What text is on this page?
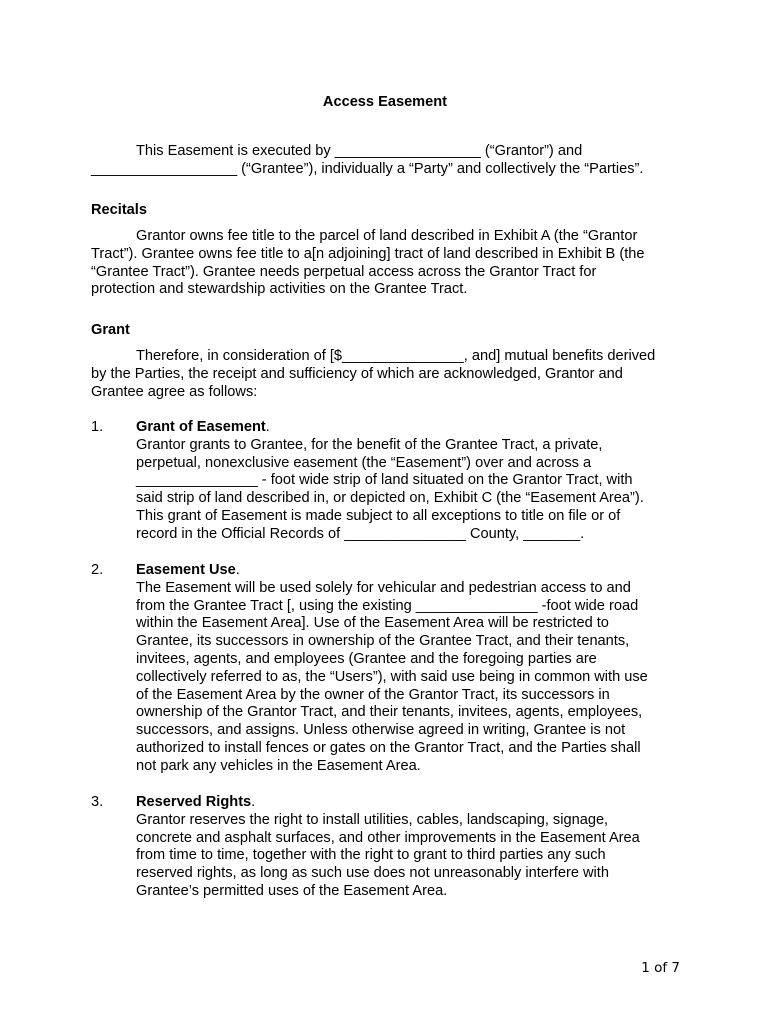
Access Easement

This Easement is executed by __________________ (“Grantor”) and

__________________ (“Grantee”), individually a “Party” and collectively the “Parties”.

Recitals

Grantor owns fee title to the parcel of land described in Exhibit A (the “Grantor

Tract”). Grantee owns fee title to a[n adjoining] tract of land described in Exhibit B (the

“Grantee Tract”). Grantee needs perpetual access across the Grantor Tract for

protection and stewardship activities on the Grantee Tract.

Grant

Therefore, in consideration of [$_______________, and] mutual benefits derived

by the Parties, the receipt and sufficiency of which are acknowledged, Grantor and

Grantee agree as follows:

1. Grant of Easement.
Grantor grants to Grantee, for the benefit of the Grantee Tract, a private,
perpetual, nonexclusive easement (the “Easement”) over and across a
_______________ - foot wide strip of land situated on the Grantor Tract, with
said strip of land described in, or depicted on, Exhibit C (the “Easement Area”).
This grant of Easement is made subject to all exceptions to title on file or of
record in the Official Records of _______________ County, _______.
2. Easement Use.
The Easement will be used solely for vehicular and pedestrian access to and
from the Grantee Tract [, using the existing _______________ -foot wide road
within the Easement Area]. Use of the Easement Area will be restricted to
Grantee, its successors in ownership of the Grantee Tract, and their tenants,
invitees, agents, and employees (Grantee and the foregoing parties are
collectively referred to as, the “Users”), with said use being in common with use
of the Easement Area by the owner of the Grantor Tract, its successors in
ownership of the Grantor Tract, and their tenants, invitees, agents, employees,
successors, and assigns. Unless otherwise agreed in writing, Grantee is not
authorized to install fences or gates on the Grantor Tract, and the Parties shall
not park any vehicles in the Easement Area.
3. Reserved Rights.
Grantor reserves the right to install utilities, cables, landscaping, signage,
concrete and asphalt surfaces, and other improvements in the Easement Area
from time to time, together with the right to grant to third parties any such
reserved rights, as long as such use does not unreasonably interfere with
Grantee’s permitted uses of the Easement Area.
1 of 7
